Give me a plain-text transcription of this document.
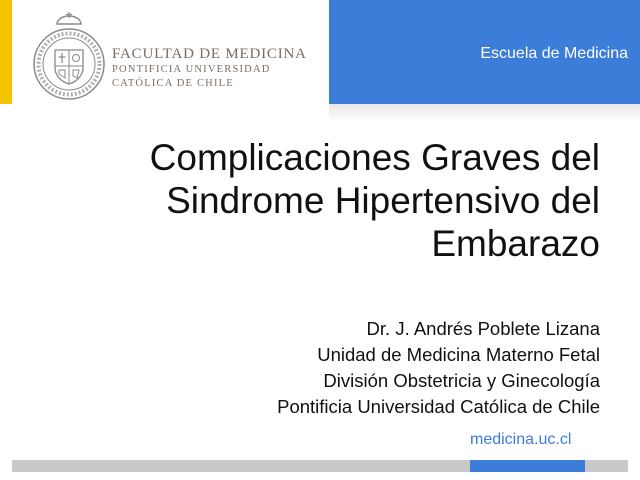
FACULTAD DE MEDICINA
PONTIFICIA UNIVERSIDAD
CATÓLICA DE CHILE
Escuela de Medicina
Complicaciones Graves del
Sindrome Hipertensivo del
Embarazo
Dr. J. Andrés Poblete Lizana
Unidad de Medicina Materno Fetal
División Obstetricia y Ginecología
Pontificia Universidad Católica de Chile
medicina.uc.cl
